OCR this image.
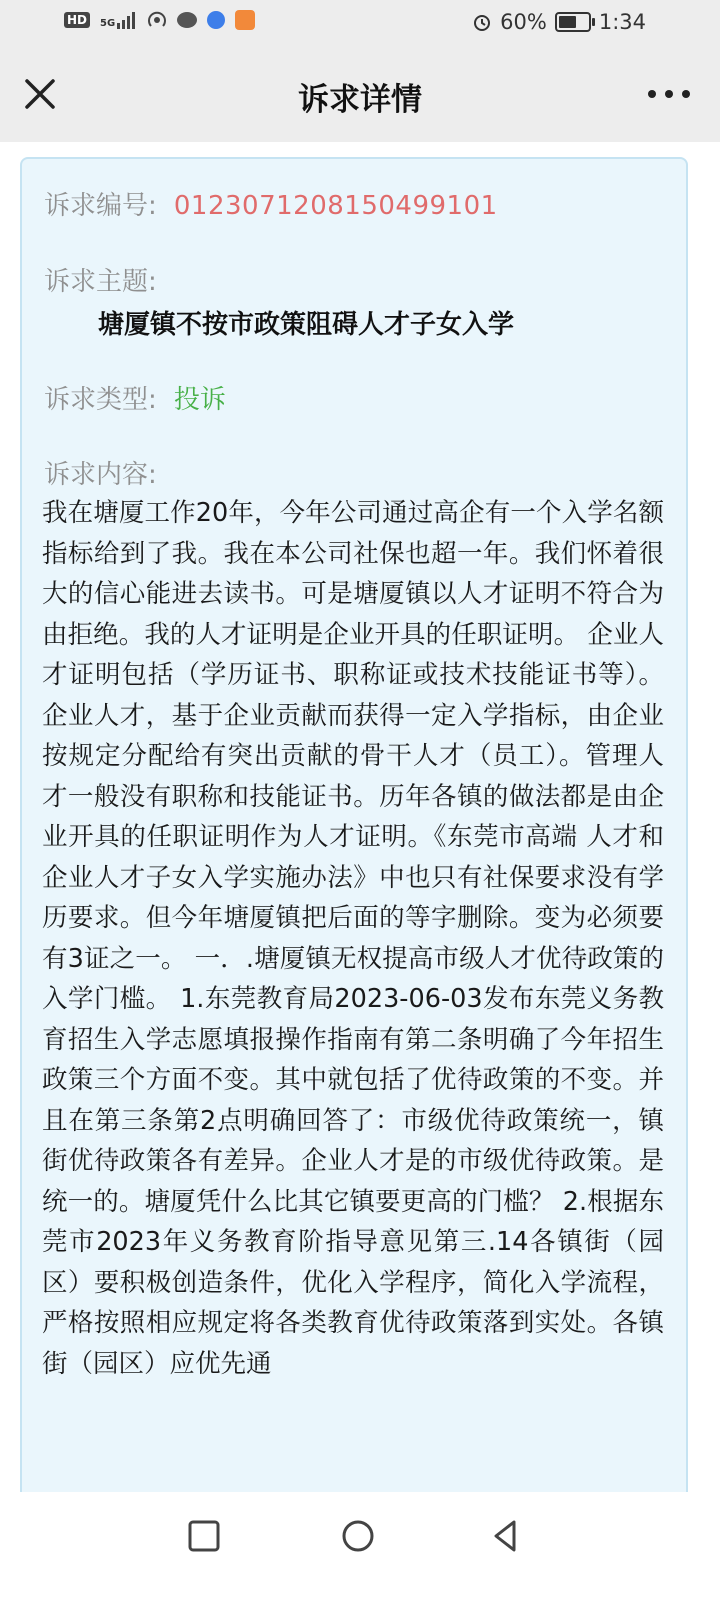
HD	5G	60% 1:34
诉求详情
诉求编号: 0123071208150499101
诉求主题:
塘厦镇不按市政策阻碍人才子女入学
诉求类型: 投诉
诉求内容:
我在塘厦工作20年，今年公司通过高企有一个入学名额指标给到了我。我在本公司社保也超一年。我们怀着很大的信心能进去读书。可是塘厦镇以人才证明不符合为由拒绝。我的人才证明是企业开具的任职证明。 企业人才证明包括（学历证书、职称证或技术技能证书等）。企业人才，基于企业贡献而获得一定入学指标，由企业按规定分配给有突出贡献的骨干人才（员工）。管理人才一般没有职称和技能证书。历年各镇的做法都是由企业开具的任职证明作为人才证明。《东莞市高端 人才和企业人才子女入学实施办法》中也只有社保要求没有学历要求。但今年塘厦镇把后面的等字删除。变为必须要有3证之一。 一．.塘厦镇无权提高市级人才优待政策的入学门槛。 1.东莞教育局2023-06-03发布东莞义务教育招生入学志愿填报操作指南有第二条明确了今年招生政策三个方面不变。其中就包括了优待政策的不变。并且在第三条第2点明确回答了：市级优待政策统一，镇街优待政策各有差异。企业人才是的市级优待政策。是统一的。塘厦凭什么比其它镇要更高的门槛？ 2.根据东莞市2023年义务教育阶指导意见第三.14各镇街（园区）要积极创造条件，优化入学程序，简化入学流程，严格按照相应规定将各类教育优待政策落到实处。各镇街（园区）应优先通
